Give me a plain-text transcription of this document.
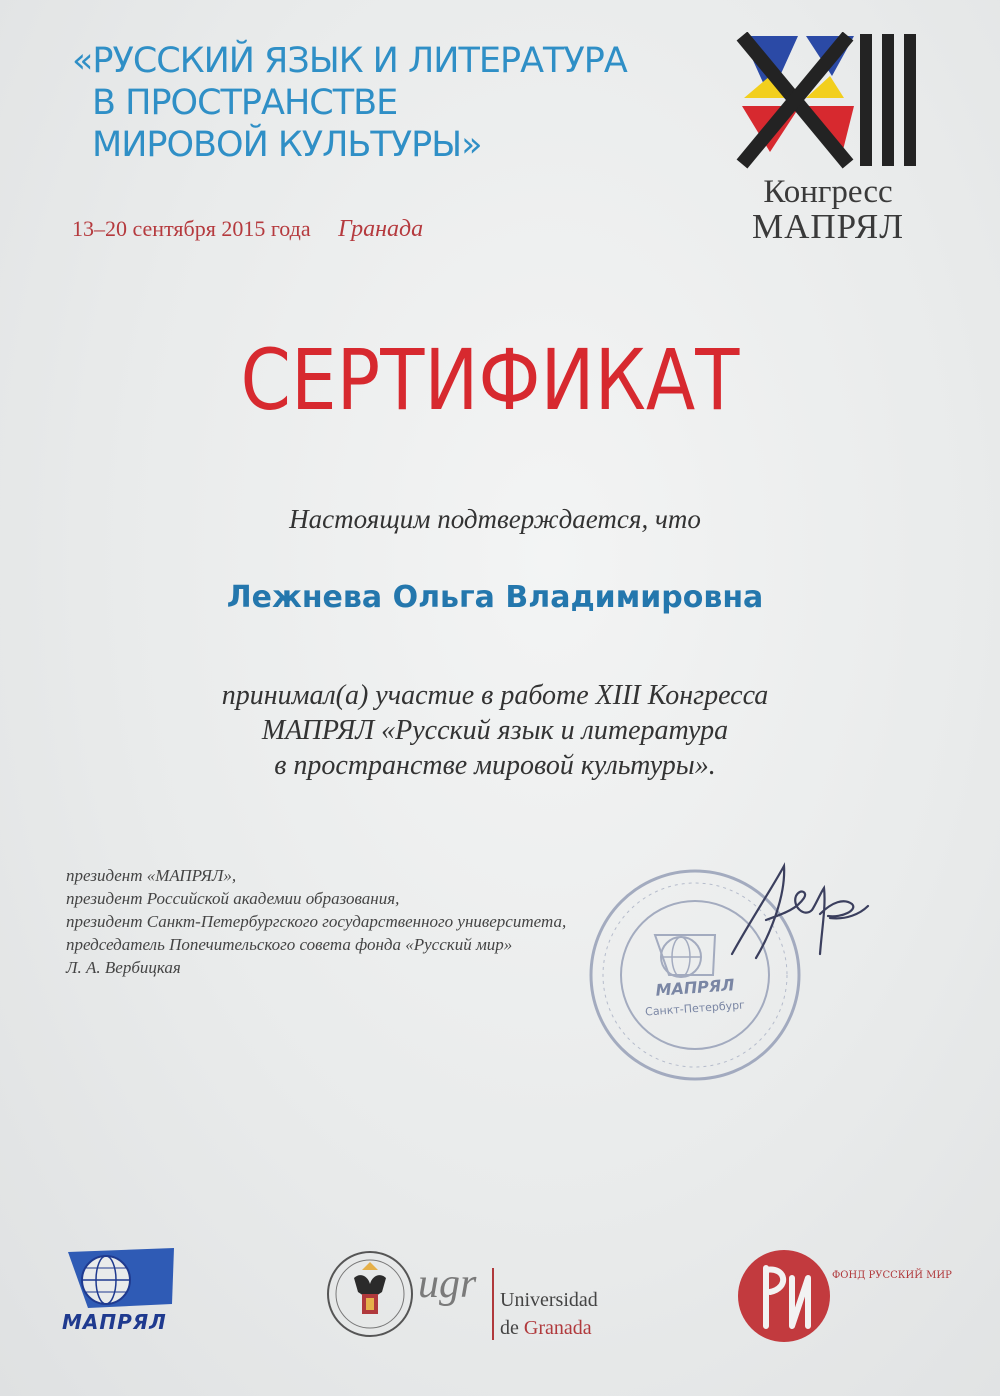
«РУССКИЙ ЯЗЫК И ЛИТЕРАТУРА
В ПРОСТРАНСТВЕ
МИРОВОЙ КУЛЬТУРЫ»
13–20 сентября 2015 года Гранада
Конгресс
МАПРЯЛ
СЕРТИФИКАТ
Настоящим подтверждается, что
Лежнева Ольга Владимировна
принимал(а) участие в работе XIII Конгресса
МАПРЯЛ «Русский язык и литература
в пространстве мировой культуры».
президент «МАПРЯЛ»,
президент Российской академии образования,
президент Санкт-Петербургского государственного университета,
председатель Попечительского совета фонда «Русский мир»
Л. А. Вербицкая
МАПРЯЛ
Санкт-Петербург
МАПРЯЛ
ugr Universidad
de Granada
ФОНД РУССКИЙ МИР
